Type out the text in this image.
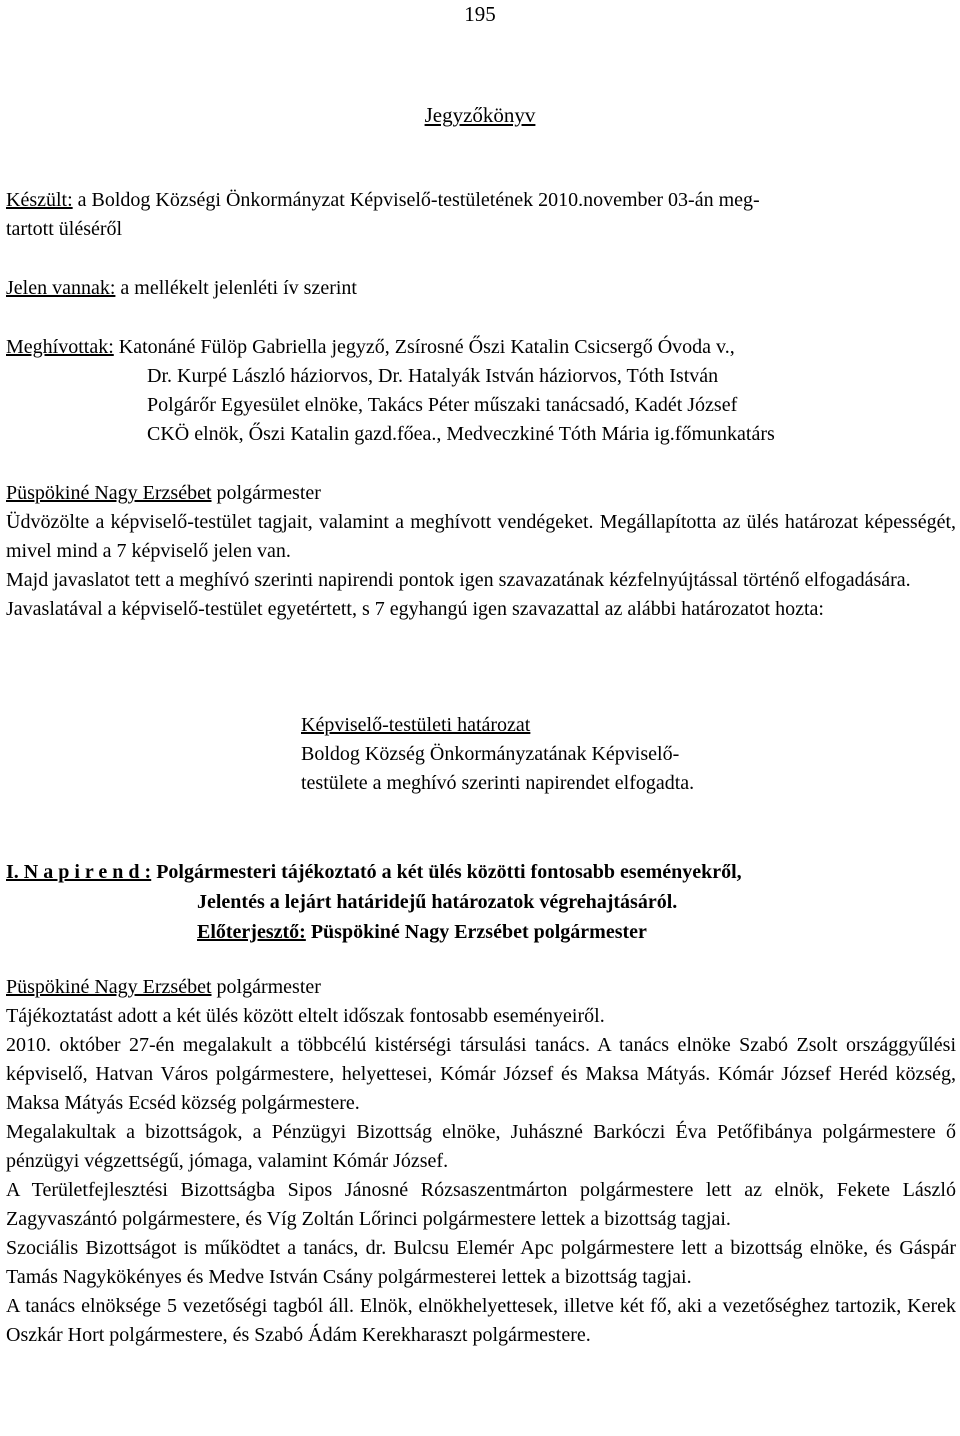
195
Jegyzőkönyv

Készült: a Boldog Községi Önkormányzat Képviselő-testületének 2010.november 03-án meg-

tartott üléséről

Jelen vannak: a mellékelt jelenléti ív szerint

Meghívottak: Katonáné Fülöp Gabriella jegyző, Zsírosné Őszi Katalin Csicsergő Óvoda v.,

Dr. Kurpé László háziorvos, Dr. Hatalyák István háziorvos, Tóth István

Polgárőr Egyesület elnöke, Takács Péter műszaki tanácsadó, Kadét József

CKÖ elnök, Őszi Katalin gazd.főea., Medveczkiné Tóth Mária ig.főmunkatárs

Püspökiné Nagy Erzsébet polgármester

Üdvözölte a képviselő-testület tagjait, valamint a meghívott vendégeket. Megállapította az ülés határozat képességét, mivel mind a 7 képviselő jelen van.

Majd javaslatot tett a meghívó szerinti napirendi pontok igen szavazatának kézfelnyújtással történő elfogadására.

Javaslatával a képviselő-testület egyetértett, s 7 egyhangú igen szavazattal az alábbi határozatot hozta:

Képviselő-testületi határozat

Boldog Község Önkormányzatának Képviselő-

testülete a meghívó szerinti napirendet elfogadta.

I. N a p i r e n d : Polgármesteri tájékoztató a két ülés közötti fontosabb eseményekről,

Jelentés a lejárt határidejű határozatok végrehajtásáról.

Előterjesztő: Püspökiné Nagy Erzsébet polgármester

Püspökiné Nagy Erzsébet polgármester

Tájékoztatást adott a két ülés között eltelt időszak fontosabb eseményeiről.

2010. október 27-én megalakult a többcélú kistérségi társulási tanács. A tanács elnöke Szabó Zsolt országgyűlési képviselő, Hatvan Város polgármestere, helyettesei, Kómár József és Maksa Mátyás. Kómár József Heréd község, Maksa Mátyás Ecséd község polgármestere.

Megalakultak a bizottságok, a Pénzügyi Bizottság elnöke, Juhászné Barkóczi Éva Petőfibánya polgármestere ő pénzügyi végzettségű, jómaga, valamint Kómár József.

A Területfejlesztési Bizottságba Sipos Jánosné Rózsaszentmárton polgármestere lett az elnök, Fekete László Zagyvaszántó polgármestere, és Víg Zoltán Lőrinci polgármestere lettek a bizottság tagjai.

Szociális Bizottságot is működtet a tanács, dr. Bulcsu Elemér Apc polgármestere lett a bizottság elnöke, és Gáspár Tamás Nagykökényes és Medve István Csány polgármesterei lettek a bizottság tagjai.

A tanács elnöksége 5 vezetőségi tagból áll. Elnök, elnökhelyettesek, illetve két fő, aki a vezetőséghez tartozik, Kerek Oszkár Hort polgármestere, és Szabó Ádám Kerekharaszt polgármestere.
